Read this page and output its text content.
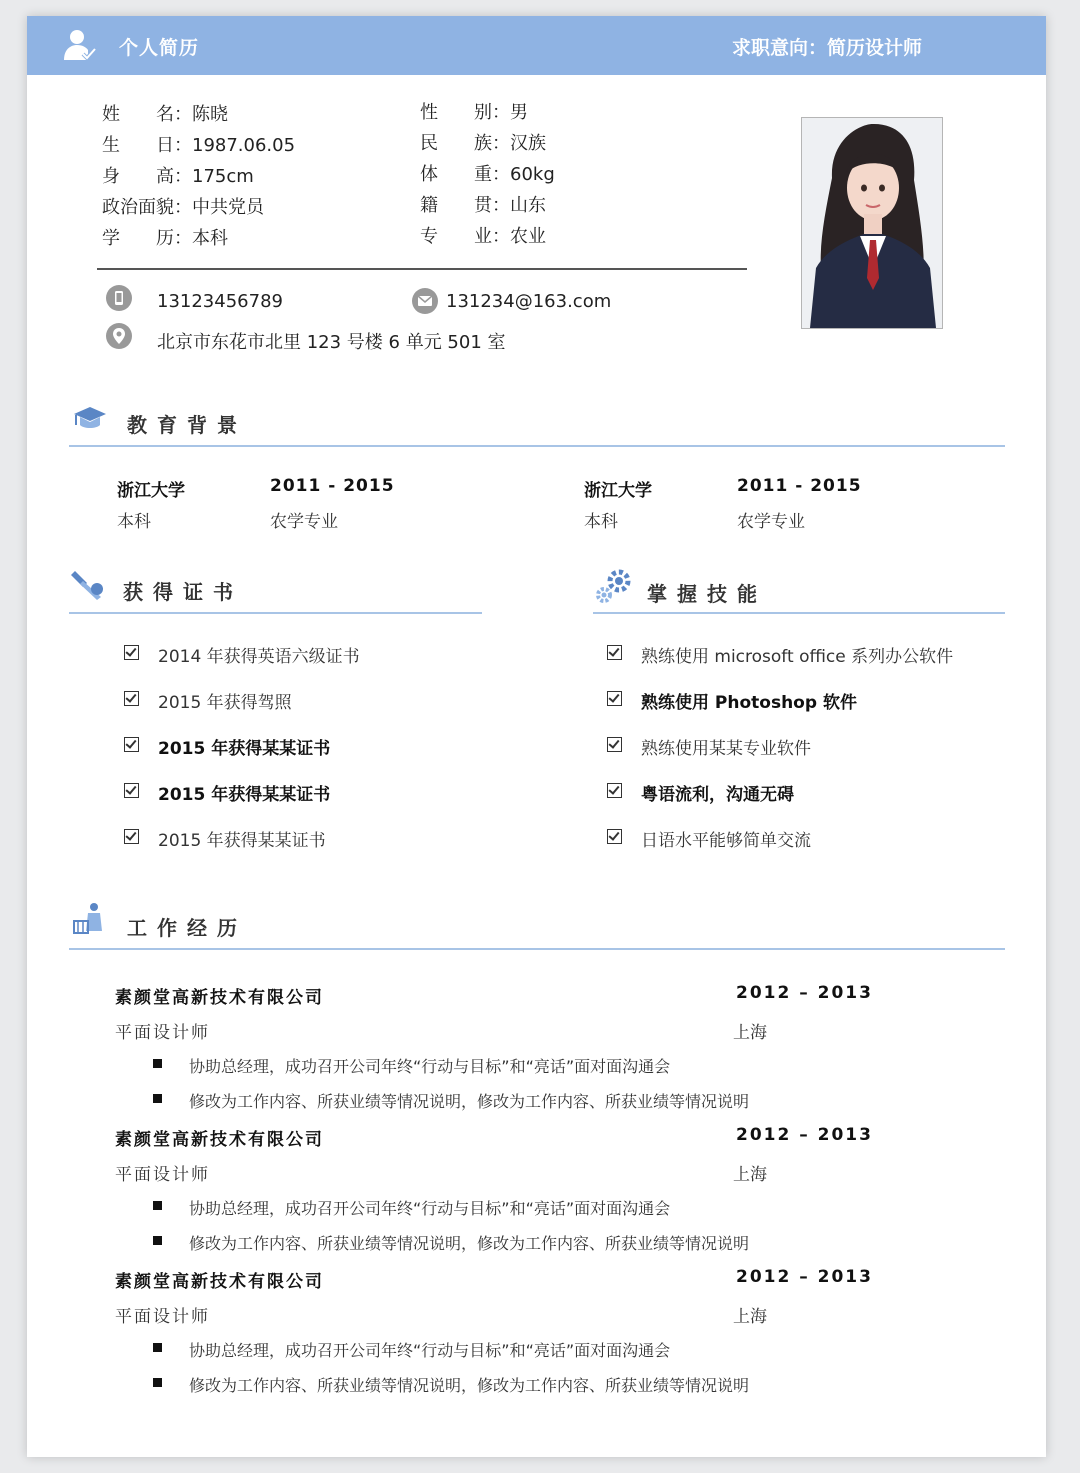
个人简历	求职意向：简历设计师
姓　　名：陈晓
生　　日：1987.06.05
身　　高：175cm
政治面貌：中共党员
学　　历：本科
性　　别：男
民　　族：汉族
体　　重：60kg
籍　　贯：山东
专　　业：农业
13123456789	131234@163.com
北京市东花市北里 123 号楼 6 单元 501 室
教育背景
浙江大学	2011 - 2015
本科	农学专业
浙江大学	2011 - 2015
本科	农学专业
获得证书
2014 年获得英语六级证书
2015 年获得驾照
2015 年获得某某证书
2015 年获得某某证书
2015 年获得某某证书
掌握技能
熟练使用 microsoft office 系列办公软件
熟练使用 Photoshop 软件
熟练使用某某专业软件
粤语流利，沟通无碍
日语水平能够简单交流
工作经历
素颜堂高新技术有限公司	2012 – 2013
平面设计师	上海
协助总经理，成功召开公司年终“行动与目标”和“亮话”面对面沟通会
修改为工作内容、所获业绩等情况说明，修改为工作内容、所获业绩等情况说明
素颜堂高新技术有限公司	2012 – 2013
平面设计师	上海
协助总经理，成功召开公司年终“行动与目标”和“亮话”面对面沟通会
修改为工作内容、所获业绩等情况说明，修改为工作内容、所获业绩等情况说明
素颜堂高新技术有限公司	2012 – 2013
平面设计师	上海
协助总经理，成功召开公司年终“行动与目标”和“亮话”面对面沟通会
修改为工作内容、所获业绩等情况说明，修改为工作内容、所获业绩等情况说明
